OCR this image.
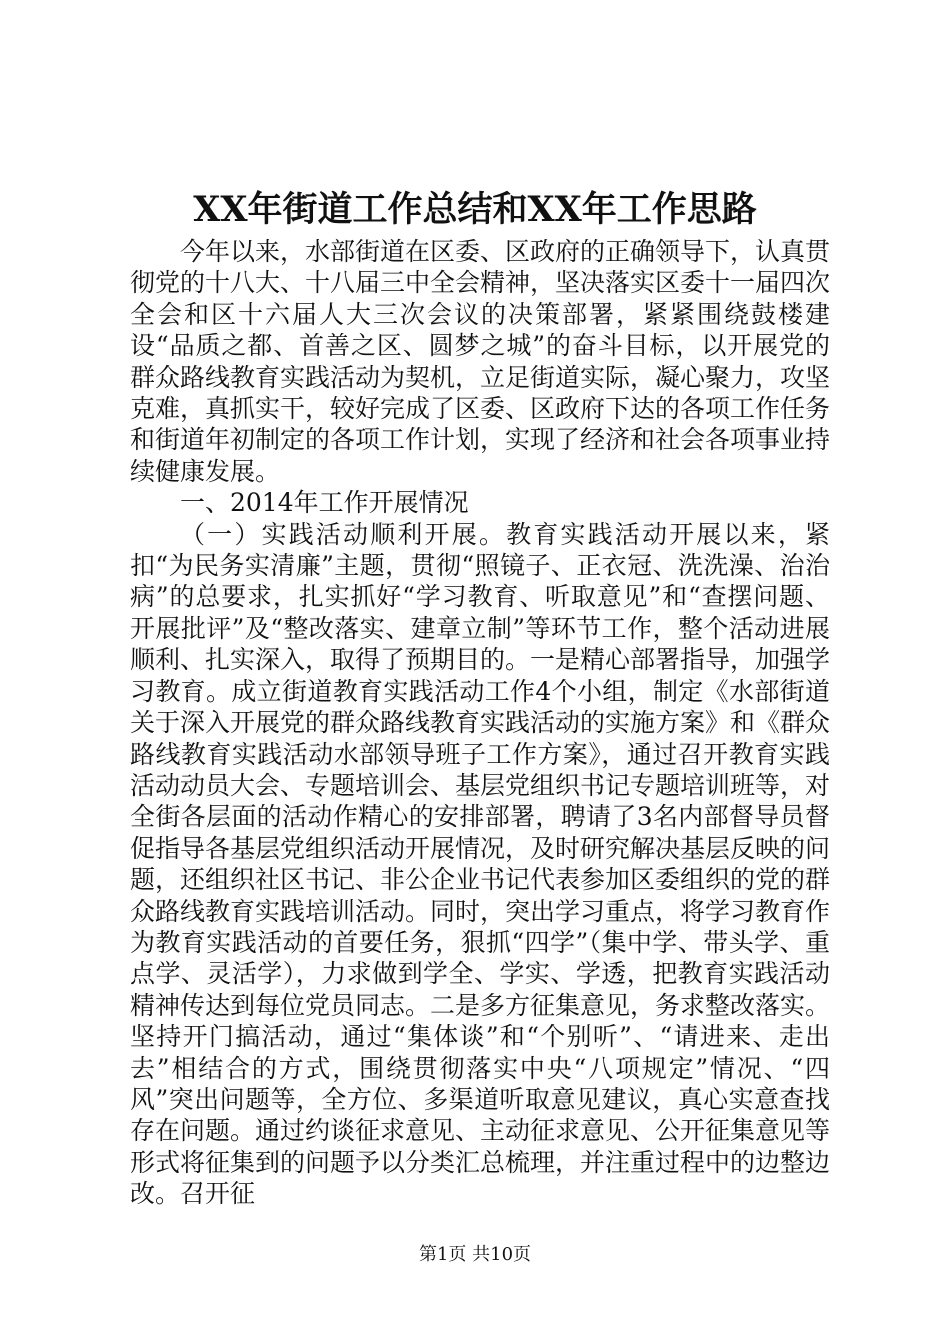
XX年街道工作总结和XX年工作思路

今年以来，水部街道在区委、区政府的正确领导下，认真贯彻党的十八大、十八届三中全会精神，坚决落实区委十一届四次全会和区十六届人大三次会议的决策部署，紧紧围绕鼓楼建设“品质之都、首善之区、圆梦之城”的奋斗目标，以开展党的群众路线教育实践活动为契机，立足街道实际，凝心聚力，攻坚克难，真抓实干，较好完成了区委、区政府下达的各项工作任务和街道年初制定的各项工作计划，实现了经济和社会各项事业持续健康发展。

一、2014年工作开展情况

（一）实践活动顺利开展。教育实践活动开展以来，紧扣“为民务实清廉”主题，贯彻“照镜子、正衣冠、洗洗澡、治治病”的总要求，扎实抓好“学习教育、听取意见”和“查摆问题、开展批评”及“整改落实、建章立制”等环节工作，整个活动进展顺利、扎实深入，取得了预期目的。一是精心部署指导，加强学习教育。成立街道教育实践活动工作4个小组，制定《水部街道关于深入开展党的群众路线教育实践活动的实施方案》和《群众路线教育实践活动水部领导班子工作方案》，通过召开教育实践活动动员大会、专题培训会、基层党组织书记专题培训班等，对全街各层面的活动作精心的安排部署，聘请了3名内部督导员督促指导各基层党组织活动开展情况，及时研究解决基层反映的问题，还组织社区书记、非公企业书记代表参加区委组织的党的群众路线教育实践培训活动。同时，突出学习重点，将学习教育作为教育实践活动的首要任务，狠抓“四学”（集中学、带头学、重点学、灵活学），力求做到学全、学实、学透，把教育实践活动精神传达到每位党员同志。二是多方征集意见，务求整改落实。坚持开门搞活动，通过“集体谈”和“个别听”、“请进来、走出去”相结合的方式，围绕贯彻落实中央“八项规定”情况、“四风”突出问题等，全方位、多渠道听取意见建议，真心实意查找存在问题。通过约谈征求意见、主动征求意见、公开征集意见等形式将征集到的问题予以分类汇总梳理，并注重过程中的边整边改。召开征

第1页 共10页
